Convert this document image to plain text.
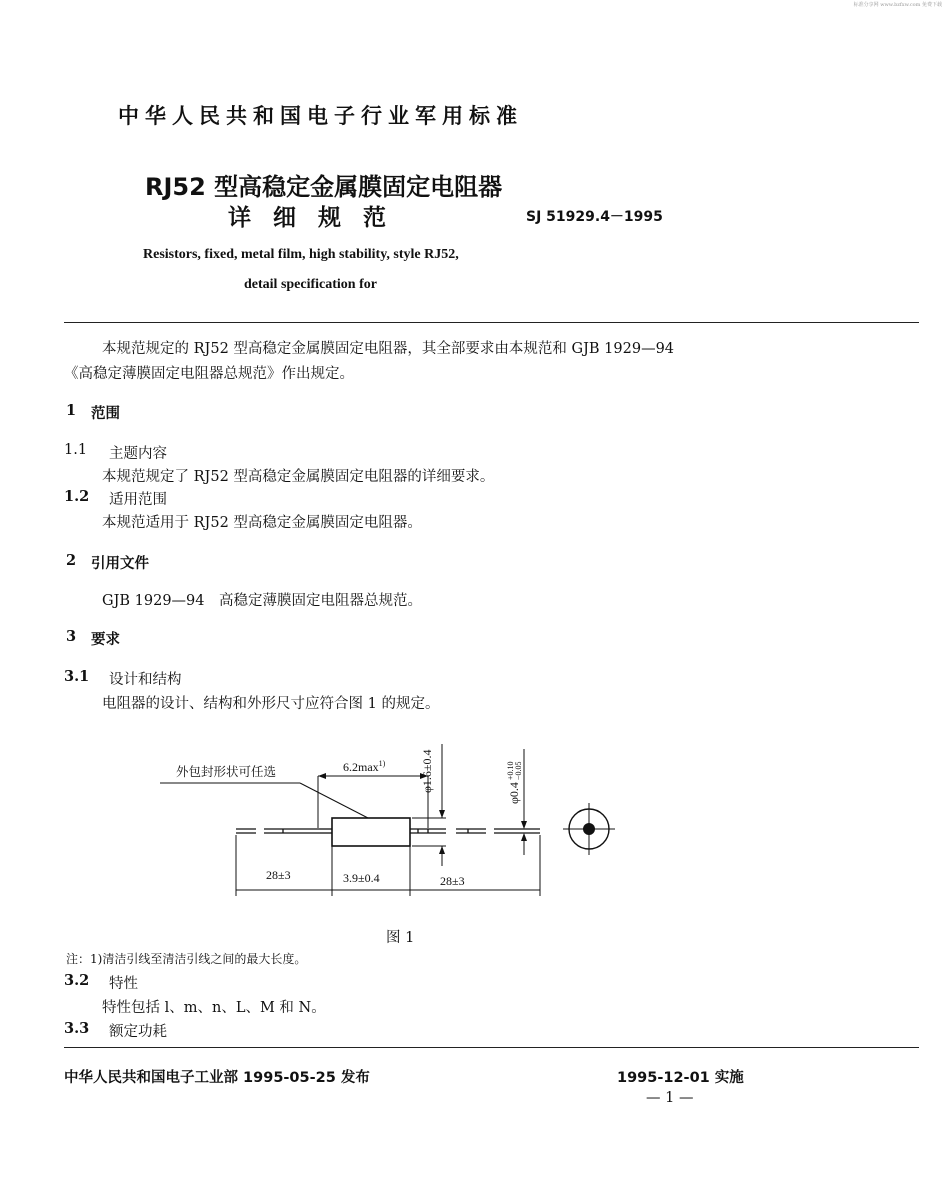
标准分享网 www.bzfxw.com 免费下载
中华人民共和国电子行业军用标准
RJ52 型高稳定金属膜固定电阻器
详细规范	SJ 51929.4－1995
Resistors, fixed, metal film, high stability, style RJ52,
detail specification for
本规范规定的 RJ52 型高稳定金属膜固定电阻器，其全部要求由本规范和 GJB 1929—94
《高稳定薄膜固定电阻器总规范》作出规定。
1 范围
1.1 主题内容
本规范规定了 RJ52 型高稳定金属膜固定电阻器的详细要求。
1.2 适用范围
本规范适用于 RJ52 型高稳定金属膜固定电阻器。
2 引用文件
GJB 1929—94　高稳定薄膜固定电阻器总规范。
3 要求
3.1 设计和结构
电阻器的设计、结构和外形尺寸应符合图 1 的规定。
外包封形状可任选	$6.2\max^{1)}$	φ1.6±0.4
φ0.4
+0.10 −0.05
28±3	3.9±0.4	28±3
图 1
注：1)清洁引线至清洁引线之间的最大长度。
3.2 特性
特性包括 l、m、n、L、M 和 N。
3.3 额定功耗
中华人民共和国电子工业部 1995-05-25 发布	1995-12-01 实施
— 1 —
